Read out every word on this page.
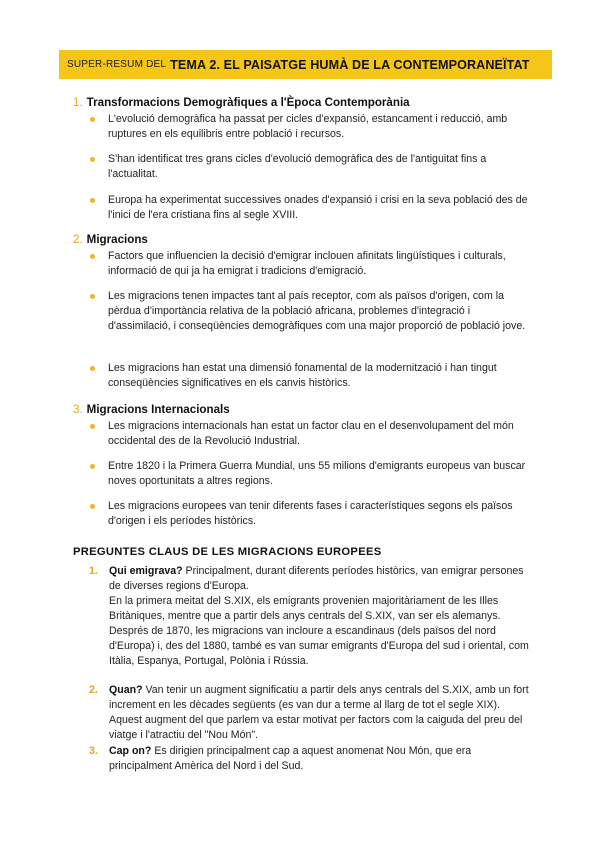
SUPER-RESUM DEL TEMA 2. EL PAISATGE HUMÀ DE LA CONTEMPORANEÏTAT
1. Transformacions Demogràfiques a l'Època Contemporània
L'evolució demogràfica ha passat per cicles d'expansió, estancament i reducció, amb ruptures en els equilibris entre població i recursos.
S'han identificat tres grans cicles d'evolució demogràfica des de l'antiguitat fins a l'actualitat.
Europa ha experimentat successives onades d'expansió i crisi en la seva població des de l'inici de l'era cristiana fins al segle XVIII.
2. Migracions
Factors que influencien la decisió d'emigrar inclouen afinitats lingüístiques i culturals, informació de qui ja ha emigrat i tradicions d'emigració.
Les migracions tenen impactes tant al país receptor, com als països d'origen, com la pèrdua d'importància relativa de la població africana, problemes d'integració i d'assimilació, i conseqüències demogràfiques com una major proporció de població jove.
Les migracions han estat una dimensió fonamental de la modernització i han tingut conseqüències significatives en els canvis històrics.
3. Migracions Internacionals
Les migracions internacionals han estat un factor clau en el desenvolupament del món occidental des de la Revolució Industrial.
Entre 1820 i la Primera Guerra Mundial, uns 55 milions d'emigrants europeus van buscar noves oportunitats a altres regions.
Les migracions europees van tenir diferents fases i característiques segons els països d'origen i els períodes històrics.
PREGUNTES CLAUS DE LES MIGRACIONS EUROPEES
1. Qui emigrava? Principalment, durant diferents períodes històrics, van emigrar persones de diverses regions d'Europa.
En la primera meitat del S.XIX, els emigrants provenien majoritàriament de les Illes Britàniques, mentre que a partir dels anys centrals del S.XIX, van ser els alemanys. Després de 1870, les migracions van incloure a escandinaus (dels països del nord d'Europa) i, des del 1880, també es van sumar emigrants d'Europa del sud i oriental, com Itàlia, Espanya, Portugal, Polònia i Rússia.
2. Quan? Van tenir un augment significatiu a partir dels anys centrals del S.XIX, amb un fort increment en les dècades següents (es van dur a terme al llarg de tot el segle XIX). Aquest augment del que parlem va estar motivat per factors com la caiguda del preu del viatge i l'atractiu del "Nou Món".
3. Cap on? Es dirigien principalment cap a aquest anomenat Nou Món, que era principalment Amèrica del Nord i del Sud.
